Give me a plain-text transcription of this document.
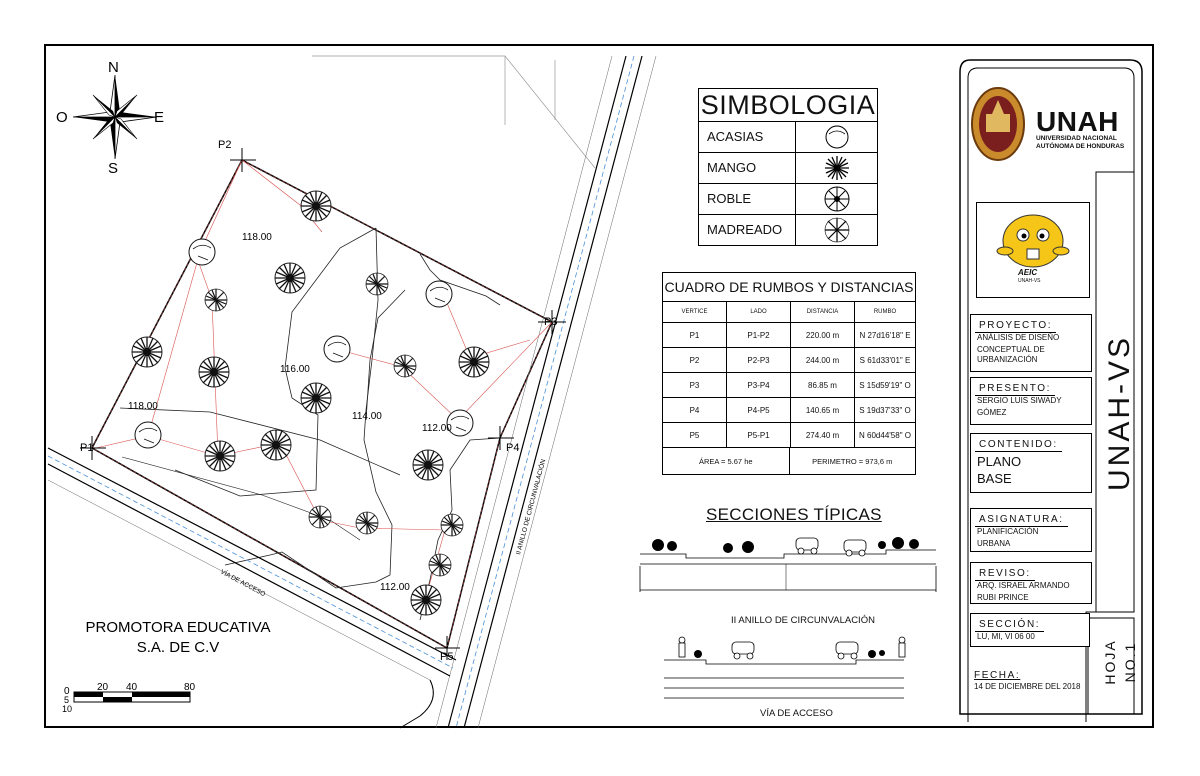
VÍA DE ACCESO
II ANILLO DE CIRCUNVALACIÓN
P2
P3
P4
P1
P5
118.00
118.00
116.00
114.00
112.00
112.00
N
S
E
O
PROMOTORA EDUCATIVA
S.A. DE C.V
0	20 40	80
5
10
SIMBOLOGIA
ACASIAS
MANGO
ROBLE
MADREADO
CUADRO DE RUMBOS Y DISTANCIAS
VERTICE	LADO	DISTANCIA	RUMBO
P1	P1-P2	220.00 m	N 27d16'18" E
P2	P2-P3	244.00 m	S 61d33'01" E
P3	P3-P4	86.85 m	S 15d59'19" O
P4	P4-P5	140.65 m	S 19d37'33" O
P5	P5-P1	274.40 m	N 60d44'58" O
ÁREA = 5.67 he	PERIMETRO = 973,6 m
SECCIONES TÍPICAS
II ANILLO DE CIRCUNVALACIÓN
VÍA DE ACCESO
UNAH
UNIVERSIDAD NACIONAL
AUTÓNOMA DE HONDURAS
AEIC
UNAH-VS
UNAH-VS
PROYECTO:
ANÁLISIS DE DISEÑO
CONCEPTUAL DE URBANIZACIÓN
PRESENTO:
SERGIO LUIS SIWADY
GÓMEZ
CONTENIDO:
PLANO
BASE
ASIGNATURA:
PLANIFICACIÓN
URBANA
REVISO:
ARQ. ISRAEL ARMANDO
RUBI PRINCE
SECCIÓN:
LU, MI, VI 06 00
FECHA:
14 DE DICIEMBRE DEL 2018
HOJA NO.1
